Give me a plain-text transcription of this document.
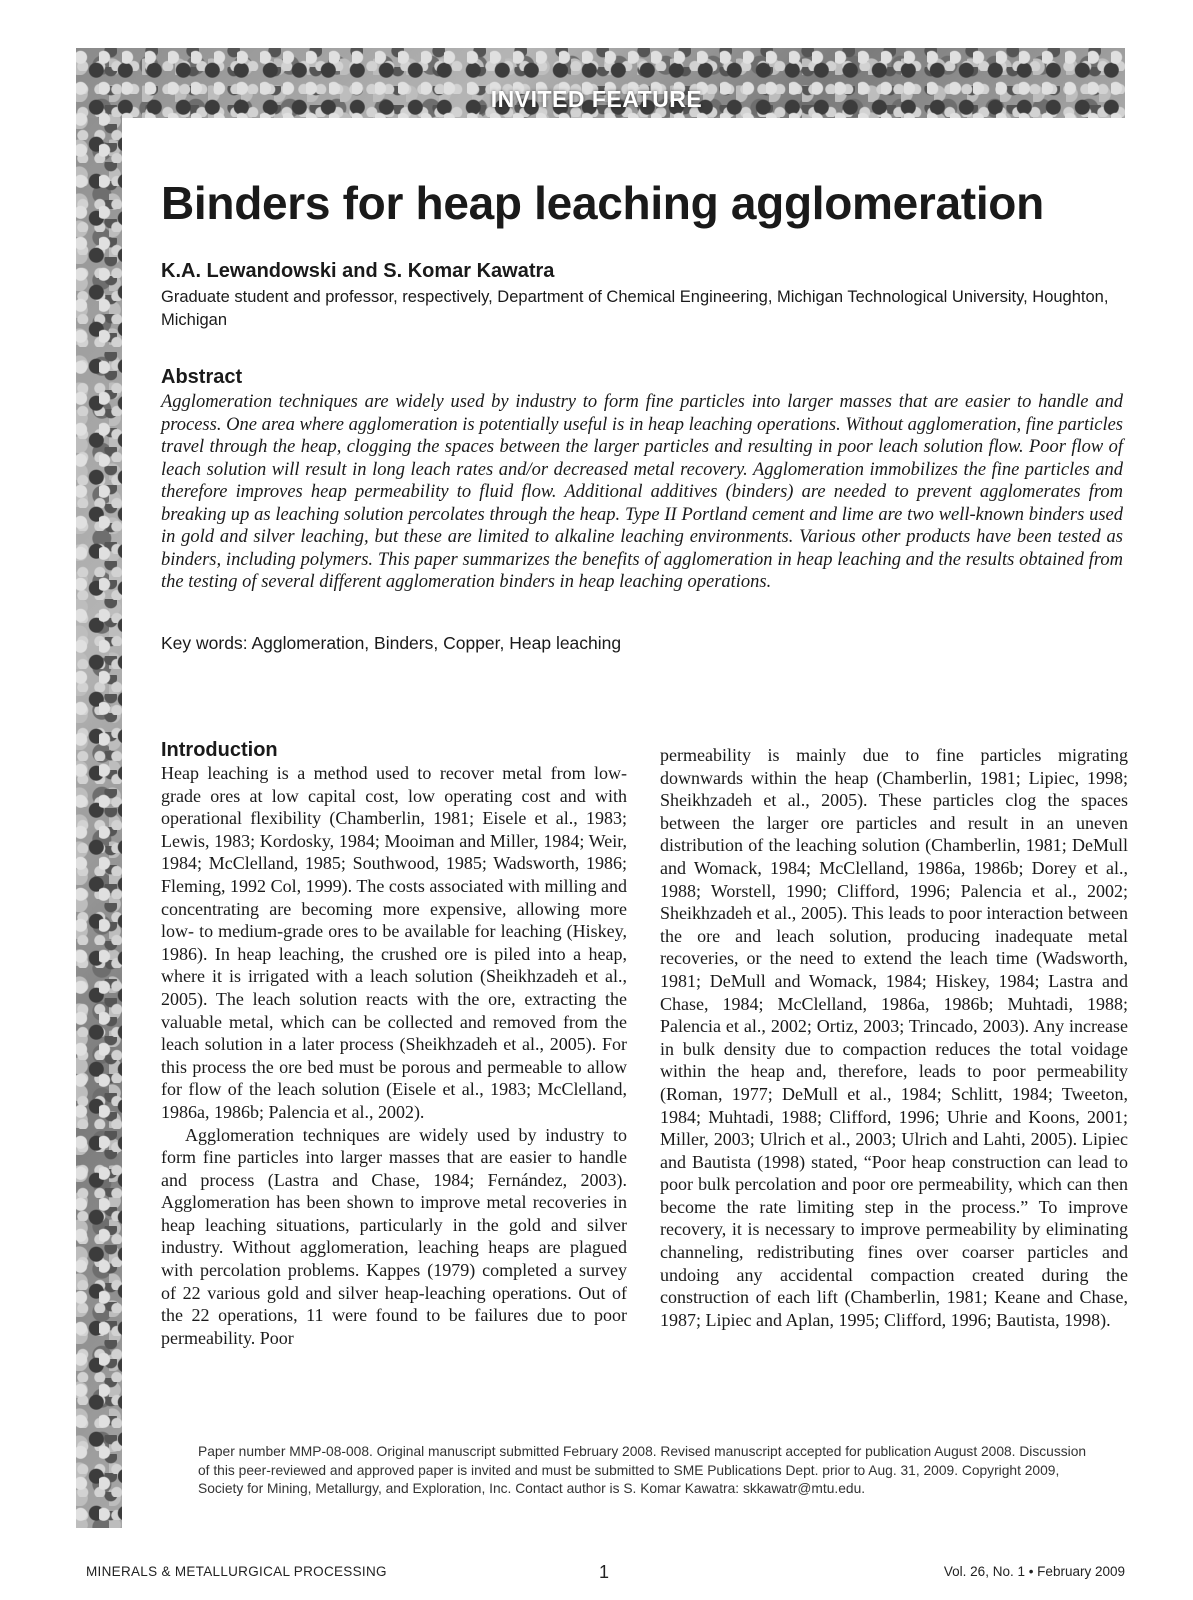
INVITED FEATURE
Binders for heap leaching agglomeration
K.A. Lewandowski and S. Komar Kawatra
Graduate student and professor, respectively, Department of Chemical Engineering, Michigan Technological University, Houghton, Michigan
Abstract

Agglomeration techniques are widely used by industry to form fine particles into larger masses that are easier to handle and process. One area where agglomeration is potentially useful is in heap leaching operations. Without agglomeration, fine particles travel through the heap, clogging the spaces between the larger particles and resulting in poor leach solution flow. Poor flow of leach solution will result in long leach rates and/or decreased metal recovery. Agglomeration immobilizes the fine particles and therefore improves heap permeability to fluid flow. Additional additives (binders) are needed to prevent agglomerates from breaking up as leaching solution percolates through the heap. Type II Portland cement and lime are two well-known binders used in gold and silver leaching, but these are limited to alkaline leaching environments. Various other products have been tested as binders, including polymers. This paper summarizes the benefits of agglomeration in heap leaching and the results obtained from the testing of several different agglomeration binders in heap leaching operations.

Key words: Agglomeration, Binders, Copper, Heap leaching
Introduction

Heap leaching is a method used to recover metal from low-grade ores at low capital cost, low operating cost and with operational flexibility (Chamberlin, 1981; Eisele et al., 1983; Lewis, 1983; Kordosky, 1984; Mooiman and Miller, 1984; Weir, 1984; McClelland, 1985; Southwood, 1985; Wadsworth, 1986; Fleming, 1992 Col, 1999). The costs associated with milling and concentrating are becoming more expensive, allowing more low- to medium-grade ores to be available for leaching (Hiskey, 1986). In heap leaching, the crushed ore is piled into a heap, where it is irrigated with a leach solution (Sheikhzadeh et al., 2005). The leach solution reacts with the ore, extracting the valuable metal, which can be collected and removed from the leach solution in a later process (Sheikhzadeh et al., 2005). For this process the ore bed must be porous and permeable to allow for flow of the leach solution (Eisele et al., 1983; McClelland, 1986a, 1986b; Palencia et al., 2002).

Agglomeration techniques are widely used by industry to form fine particles into larger masses that are easier to handle and process (Lastra and Chase, 1984; Fernández, 2003). Agglomeration has been shown to improve metal recoveries in heap leaching situations, particularly in the gold and silver industry. Without agglomeration, leaching heaps are plagued with percolation problems. Kappes (1979) completed a survey of 22 various gold and silver heap-leaching operations. Out of the 22 operations, 11 were found to be failures due to poor permeability. Poor

permeability is mainly due to fine particles migrating downwards within the heap (Chamberlin, 1981; Lipiec, 1998; Sheikhzadeh et al., 2005). These particles clog the spaces between the larger ore particles and result in an uneven distribution of the leaching solution (Chamberlin, 1981; DeMull and Womack, 1984; McClelland, 1986a, 1986b; Dorey et al., 1988; Worstell, 1990; Clifford, 1996; Palencia et al., 2002; Sheikhzadeh et al., 2005). This leads to poor interaction between the ore and leach solution, producing inadequate metal recoveries, or the need to extend the leach time (Wadsworth, 1981; DeMull and Womack, 1984; Hiskey, 1984; Lastra and Chase, 1984; McClelland, 1986a, 1986b; Muhtadi, 1988; Palencia et al., 2002; Ortiz, 2003; Trincado, 2003). Any increase in bulk density due to compaction reduces the total voidage within the heap and, therefore, leads to poor permeability (Roman, 1977; DeMull et al., 1984; Schlitt, 1984; Tweeton, 1984; Muhtadi, 1988; Clifford, 1996; Uhrie and Koons, 2001; Miller, 2003; Ulrich et al., 2003; Ulrich and Lahti, 2005). Lipiec and Bautista (1998) stated, “Poor heap construction can lead to poor bulk percolation and poor ore permeability, which can then become the rate limiting step in the process.” To improve recovery, it is necessary to improve permeability by eliminating channeling, redistributing fines over coarser particles and undoing any accidental compaction created during the construction of each lift (Chamberlin, 1981; Keane and Chase, 1987; Lipiec and Aplan, 1995; Clifford, 1996; Bautista, 1998).

Paper number MMP-08-008. Original manuscript submitted February 2008. Revised manuscript accepted for publication August 2008. Discussion of this peer-reviewed and approved paper is invited and must be submitted to SME Publications Dept. prior to Aug. 31, 2009. Copyright 2009, Society for Mining, Metallurgy, and Exploration, Inc. Contact author is S. Komar Kawatra: skkawatr@mtu.edu.

MINERALS & METALLURGICAL PROCESSING	1	Vol. 26, No. 1 • February 2009
